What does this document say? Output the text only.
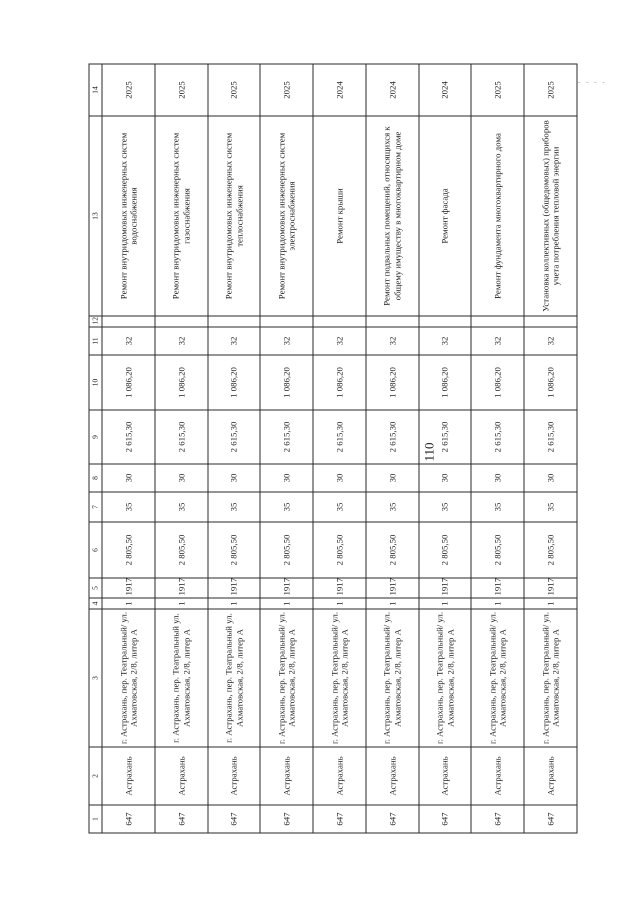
110
- - - -
1	2	3	4	5	6	7	8	9	10	11	12	13	14
647	Астрахань	г. Астрахань, пер. Театральный/ ул. Ахматовская, 2/8, литер А	1	1917	2 805,50	35	30	2 615,30	1 086,20	32		Ремонт внутридомовых инженерных систем водоснабжения	2025
647	Астрахань	г. Астрахань, пер. Театральный ул. Ахматовская, 2/8, литер А	1	1917	2 805,50	35	30	2 615,30	1 086,20	32		Ремонт внутридомовых инженерных систем газоснабжения	2025
647	Астрахань	г. Астрахань, пер. Театральный ул. Ахматовская, 2/8, литер А	1	1917	2 805,50	35	30	2 615,30	1 086,20	32		Ремонт внутридомовых инженерных систем теплоснабжения	2025
647	Астрахань	г. Астрахань, пер. Театральный/ ул. Ахматовская, 2/8, литер А	1	1917	2 805,50	35	30	2 615,30	1 086,20	32		Ремонт внутридомовых инженерных систем электроснабжения	2025
647	Астрахань	г. Астрахань, пер. Театральный/ ул. Ахматовская, 2/8, литер А	1	1917	2 805,50	35	30	2 615,30	1 086,20	32		Ремонт крыши	2024
647	Астрахань	г. Астрахань, пер. Театральный/ ул. Ахматовская, 2/8, литер А	1	1917	2 805,50	35	30	2 615,30	1 086,20	32		Ремонт подвальных помещений, относящихся к общему имуществу в многоквартирном доме	2024
647	Астрахань	г. Астрахань, пер. Театральный/ ул. Ахматовская, 2/8, литер А	1	1917	2 805,50	35	30	2 615,30	1 086,20	32		Ремонт фасада	2024
647	Астрахань	г. Астрахань, пер. Театральный/ ул. Ахматовская, 2/8, литер А	1	1917	2 805,50	35	30	2 615,30	1 086,20	32		Ремонт фундамента многоквартирного дома	2025
647	Астрахань	г. Астрахань, пер. Театральный/ ул. Ахматовская, 2/8, литер А	1	1917	2 805,50	35	30	2 615,30	1 086,20	32		Установка коллективных (общедомовых) приборов учета потребления тепловой энергии	2025
